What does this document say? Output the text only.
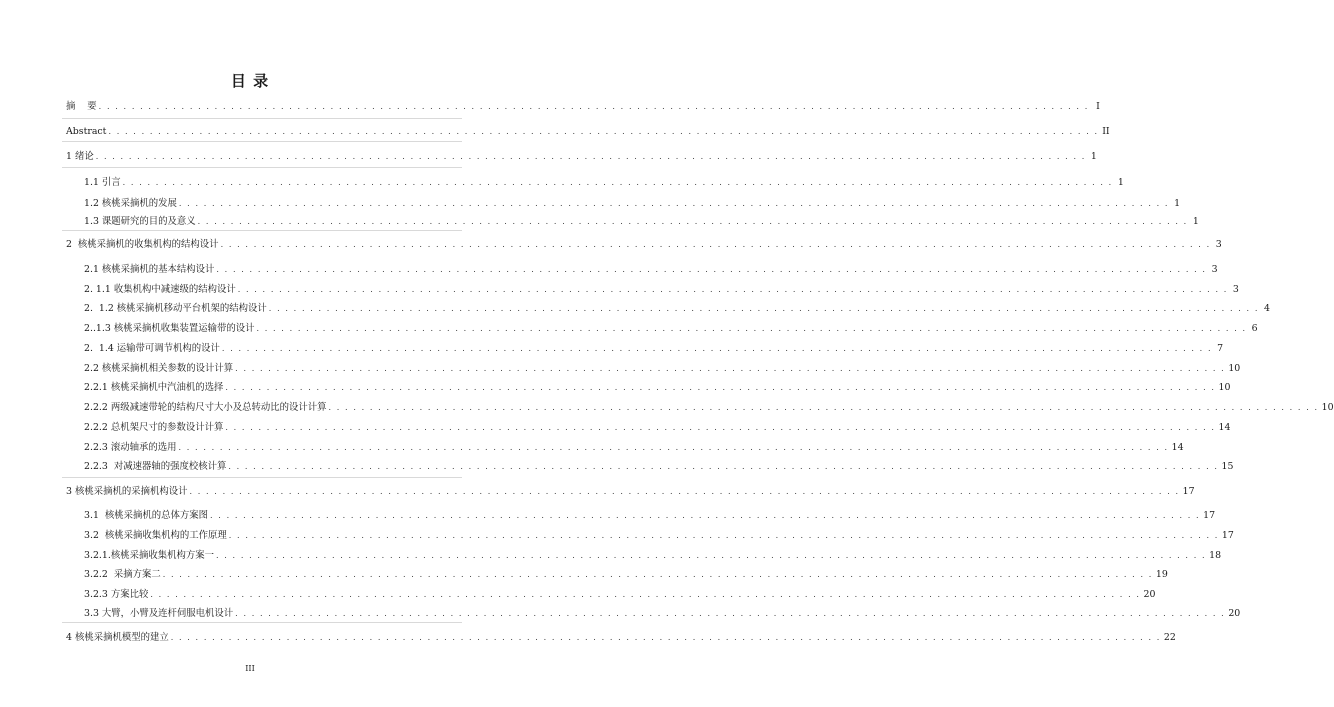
目 录
摘    要 . . . . . . . . . . . . . . . . . . . . . . . . . . . . . . . . . . . . . . . . . . . . . . . . . . . . . . . . . . . . . . . . . . . . . . . . . . . . . . . . . . . . . . . . . . . . . . . . . . . . . . . . . . . . . . . . . . . . . . . . I
Abstract . . . . . . . . . . . . . . . . . . . . . . . . . . . . . . . . . . . . . . . . . . . . . . . . . . . . . . . . . . . . . . . . . . . . . . . . . . . . . . . . . . . . . . . . . . . . . . . . . . . . . . . . . . . . . . . . . . . . . . . . II
1 绪论 . . . . . . . . . . . . . . . . . . . . . . . . . . . . . . . . . . . . . . . . . . . . . . . . . . . . . . . . . . . . . . . . . . . . . . . . . . . . . . . . . . . . . . . . . . . . . . . . . . . . . . . . . . . . . . . . . . . . . . . . 1
1.1 引言 . . . . . . . . . . . . . . . . . . . . . . . . . . . . . . . . . . . . . . . . . . . . . . . . . . . . . . . . . . . . . . . . . . . . . . . . . . . . . . . . . . . . . . . . . . . . . . . . . . . . . . . . . . . . . . . . . . . . . . . . 1
1.2 核桃采摘机的发展 . . . . . . . . . . . . . . . . . . . . . . . . . . . . . . . . . . . . . . . . . . . . . . . . . . . . . . . . . . . . . . . . . . . . . . . . . . . . . . . . . . . . . . . . . . . . . . . . . . . . . . . . . . . . . . . . . . . . . . . . 1
1.3 课题研究的目的及意义 . . . . . . . . . . . . . . . . . . . . . . . . . . . . . . . . . . . . . . . . . . . . . . . . . . . . . . . . . . . . . . . . . . . . . . . . . . . . . . . . . . . . . . . . . . . . . . . . . . . . . . . . . . . . . . . . . . . . . . . . 1
2  核桃采摘机的收集机构的结构设计 . . . . . . . . . . . . . . . . . . . . . . . . . . . . . . . . . . . . . . . . . . . . . . . . . . . . . . . . . . . . . . . . . . . . . . . . . . . . . . . . . . . . . . . . . . . . . . . . . . . . . . . . . . . . . . . . . . . . . . . . 3
2.1 核桃采摘机的基本结构设计 . . . . . . . . . . . . . . . . . . . . . . . . . . . . . . . . . . . . . . . . . . . . . . . . . . . . . . . . . . . . . . . . . . . . . . . . . . . . . . . . . . . . . . . . . . . . . . . . . . . . . . . . . . . . . . . . . . . . . . . . 3
2. 1.1 收集机构中减速级的结构设计 . . . . . . . . . . . . . . . . . . . . . . . . . . . . . . . . . . . . . . . . . . . . . . . . . . . . . . . . . . . . . . . . . . . . . . . . . . . . . . . . . . . . . . . . . . . . . . . . . . . . . . . . . . . . . . . . . . . . . . . . 3
2.  1.2 核桃采摘机移动平台机架的结构设计 . . . . . . . . . . . . . . . . . . . . . . . . . . . . . . . . . . . . . . . . . . . . . . . . . . . . . . . . . . . . . . . . . . . . . . . . . . . . . . . . . . . . . . . . . . . . . . . . . . . . . . . . . . . . . . . . . . . . . . . . 4
2..1.3 核桃采摘机收集装置运输带的设计 . . . . . . . . . . . . . . . . . . . . . . . . . . . . . . . . . . . . . . . . . . . . . . . . . . . . . . . . . . . . . . . . . . . . . . . . . . . . . . . . . . . . . . . . . . . . . . . . . . . . . . . . . . . . . . . . . . . . . . . . 6
2.  1.4 运输带可调节机构的设计 . . . . . . . . . . . . . . . . . . . . . . . . . . . . . . . . . . . . . . . . . . . . . . . . . . . . . . . . . . . . . . . . . . . . . . . . . . . . . . . . . . . . . . . . . . . . . . . . . . . . . . . . . . . . . . . . . . . . . . . . 7
2.2 核桃采摘机相关参数的设计计算 . . . . . . . . . . . . . . . . . . . . . . . . . . . . . . . . . . . . . . . . . . . . . . . . . . . . . . . . . . . . . . . . . . . . . . . . . . . . . . . . . . . . . . . . . . . . . . . . . . . . . . . . . . . . . . . . . . . . . . . . 10
2.2.1 核桃采摘机中汽油机的选择 . . . . . . . . . . . . . . . . . . . . . . . . . . . . . . . . . . . . . . . . . . . . . . . . . . . . . . . . . . . . . . . . . . . . . . . . . . . . . . . . . . . . . . . . . . . . . . . . . . . . . . . . . . . . . . . . . . . . . . . . 10
2.2.2 两级减速带轮的结构尺寸大小及总转动比的设计计算 . . . . . . . . . . . . . . . . . . . . . . . . . . . . . . . . . . . . . . . . . . . . . . . . . . . . . . . . . . . . . . . . . . . . . . . . . . . . . . . . . . . . . . . . . . . . . . . . . . . . . . . . . . . . . . . . . . . . . . . . 10
2.2.2 总机架尺寸的参数设计计算 . . . . . . . . . . . . . . . . . . . . . . . . . . . . . . . . . . . . . . . . . . . . . . . . . . . . . . . . . . . . . . . . . . . . . . . . . . . . . . . . . . . . . . . . . . . . . . . . . . . . . . . . . . . . . . . . . . . . . . . . 14
2.2.3 滚动轴承的选用 . . . . . . . . . . . . . . . . . . . . . . . . . . . . . . . . . . . . . . . . . . . . . . . . . . . . . . . . . . . . . . . . . . . . . . . . . . . . . . . . . . . . . . . . . . . . . . . . . . . . . . . . . . . . . . . . . . . . . . . . 14
2.2.3  对减速器轴的强度校核计算 . . . . . . . . . . . . . . . . . . . . . . . . . . . . . . . . . . . . . . . . . . . . . . . . . . . . . . . . . . . . . . . . . . . . . . . . . . . . . . . . . . . . . . . . . . . . . . . . . . . . . . . . . . . . . . . . . . . . . . . . 15
3 核桃采摘机的采摘机构设计 . . . . . . . . . . . . . . . . . . . . . . . . . . . . . . . . . . . . . . . . . . . . . . . . . . . . . . . . . . . . . . . . . . . . . . . . . . . . . . . . . . . . . . . . . . . . . . . . . . . . . . . . . . . . . . . . . . . . . . . . 17
3.1  核桃采摘机的总体方案图 . . . . . . . . . . . . . . . . . . . . . . . . . . . . . . . . . . . . . . . . . . . . . . . . . . . . . . . . . . . . . . . . . . . . . . . . . . . . . . . . . . . . . . . . . . . . . . . . . . . . . . . . . . . . . . . . . . . . . . . . 17
3.2  核桃采摘收集机构的工作原理 . . . . . . . . . . . . . . . . . . . . . . . . . . . . . . . . . . . . . . . . . . . . . . . . . . . . . . . . . . . . . . . . . . . . . . . . . . . . . . . . . . . . . . . . . . . . . . . . . . . . . . . . . . . . . . . . . . . . . . . . 17
3.2.1.核桃采摘收集机构方案一 . . . . . . . . . . . . . . . . . . . . . . . . . . . . . . . . . . . . . . . . . . . . . . . . . . . . . . . . . . . . . . . . . . . . . . . . . . . . . . . . . . . . . . . . . . . . . . . . . . . . . . . . . . . . . . . . . . . . . . . . 18
3.2.2  采摘方案二 . . . . . . . . . . . . . . . . . . . . . . . . . . . . . . . . . . . . . . . . . . . . . . . . . . . . . . . . . . . . . . . . . . . . . . . . . . . . . . . . . . . . . . . . . . . . . . . . . . . . . . . . . . . . . . . . . . . . . . . . 19
3.2.3 方案比较 . . . . . . . . . . . . . . . . . . . . . . . . . . . . . . . . . . . . . . . . . . . . . . . . . . . . . . . . . . . . . . . . . . . . . . . . . . . . . . . . . . . . . . . . . . . . . . . . . . . . . . . . . . . . . . . . . . . . . . . . 20
3.3 大臂，小臂及连杆伺服电机设计 . . . . . . . . . . . . . . . . . . . . . . . . . . . . . . . . . . . . . . . . . . . . . . . . . . . . . . . . . . . . . . . . . . . . . . . . . . . . . . . . . . . . . . . . . . . . . . . . . . . . . . . . . . . . . . . . . . . . . . . . 20
4 核桃采摘机模型的建立 . . . . . . . . . . . . . . . . . . . . . . . . . . . . . . . . . . . . . . . . . . . . . . . . . . . . . . . . . . . . . . . . . . . . . . . . . . . . . . . . . . . . . . . . . . . . . . . . . . . . . . . . . . . . . . . . . . . . . . . . 22
III
